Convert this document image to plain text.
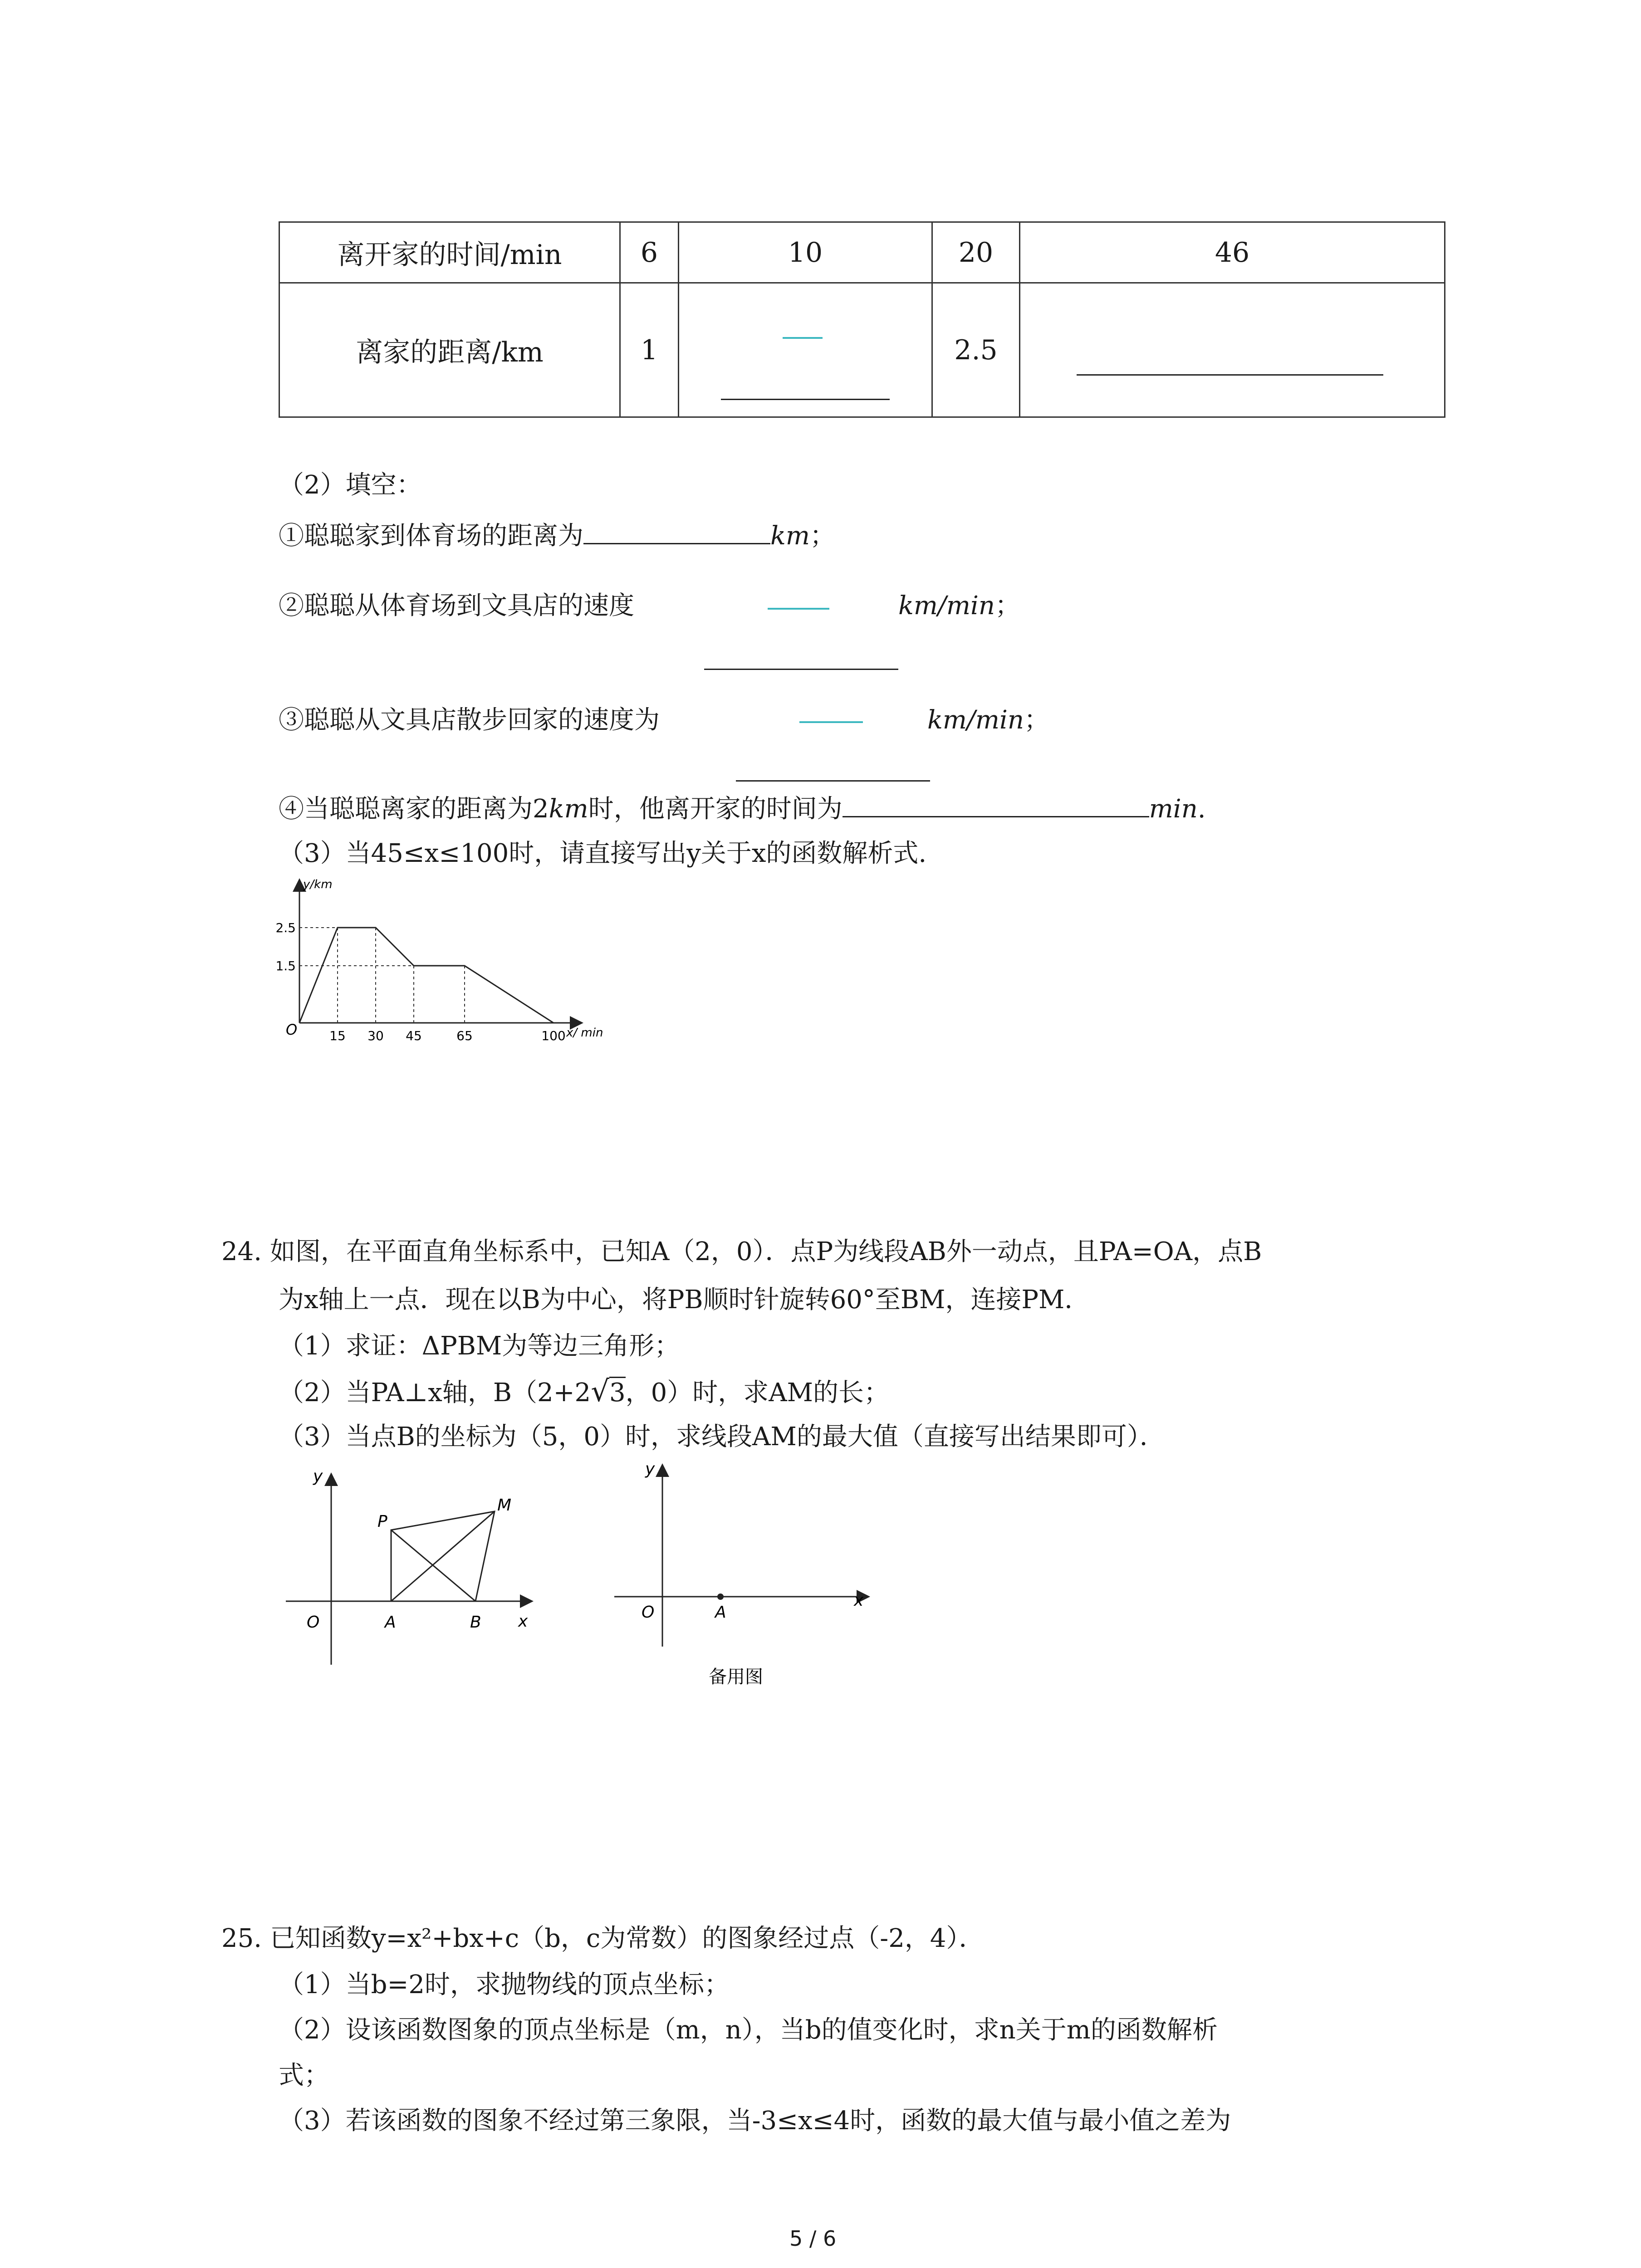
离开家的时间/min	6	10	20	46
离家的距离/km	1		2.5	
（2）填空：
①聪聪家到体育场的距离为	km；
②聪聪从体育场到文具店的速度	km/min；
③聪聪从文具店散步回家的速度为	km/min；
④当聪聪离家的距离为2km时，他离开家的时间为	min.
（3）当45≤x≤100时，请直接写出y关于x的函数解析式.
15 30 45	65	100
2.5
1.5
O
y/km
x/ min
24. 如图，在平面直角坐标系中，已知A（2，0）．点P为线段AB外一动点，且PA=OA，点B
为x轴上一点．现在以B为中心，将PB顺时针旋转60°至BM，连接PM．
（1）求证：ΔPBM为等边三角形；
（2）当PA⊥x轴，B（2+2√3，0）时，求AM的长；
（3）当点B的坐标为（5，0）时，求线段AM的最大值（直接写出结果即可）．
y
x
O	A	B
P
M
y
x
O	A
备用图
25. 已知函数y=x²+bx+c（b，c为常数）的图象经过点（-2，4）．
（1）当b=2时，求抛物线的顶点坐标；
（2）设该函数图象的顶点坐标是（m，n），当b的值变化时，求n关于m的函数解析
式；
（3）若该函数的图象不经过第三象限，当-3≤x≤4时，函数的最大值与最小值之差为
5 / 6
